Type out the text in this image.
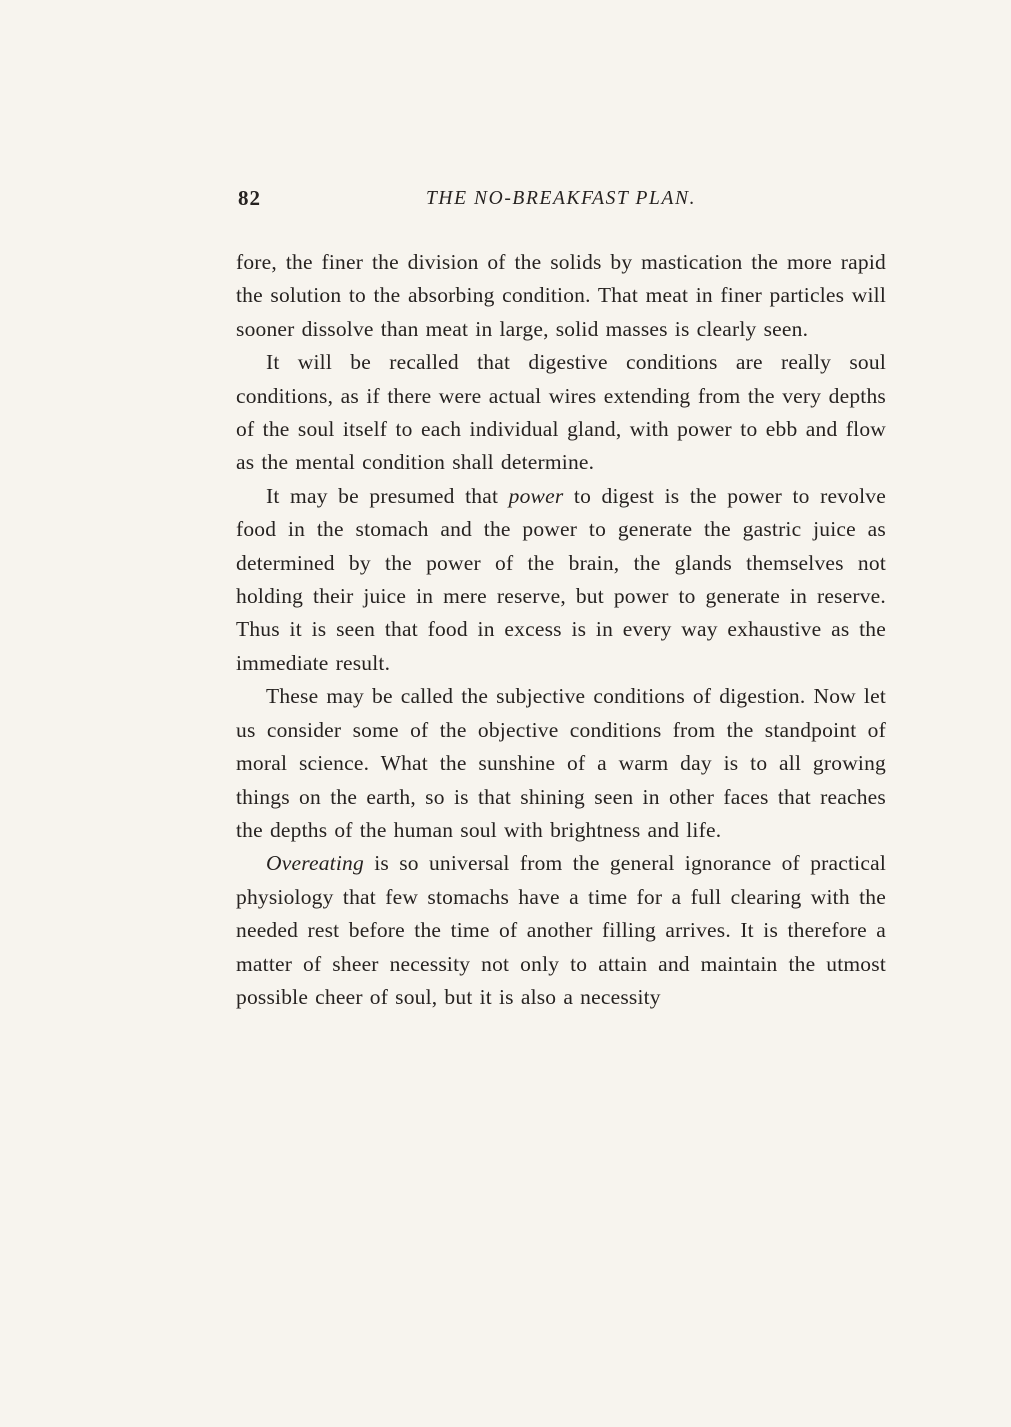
82	THE NO-BREAKFAST PLAN.

fore, the finer the division of the solids by mastication the more rapid the solution to the absorbing condition. That meat in finer particles will sooner dissolve than meat in large, solid masses is clearly seen.

It will be recalled that digestive conditions are really soul conditions, as if there were actual wires extending from the very depths of the soul itself to each individual gland, with power to ebb and flow as the mental condition shall determine.

It may be presumed that power to digest is the power to revolve food in the stomach and the power to generate the gastric juice as determined by the power of the brain, the glands themselves not holding their juice in mere reserve, but power to generate in reserve. Thus it is seen that food in excess is in every way exhaustive as the immediate result.

These may be called the subjective conditions of digestion. Now let us consider some of the objective conditions from the standpoint of moral science. What the sunshine of a warm day is to all growing things on the earth, so is that shining seen in other faces that reaches the depths of the human soul with brightness and life.

Overeating is so universal from the general ignorance of practical physiology that few stomachs have a time for a full clearing with the needed rest before the time of another filling arrives. It is therefore a matter of sheer necessity not only to attain and maintain the utmost possible cheer of soul, but it is also a necessity
